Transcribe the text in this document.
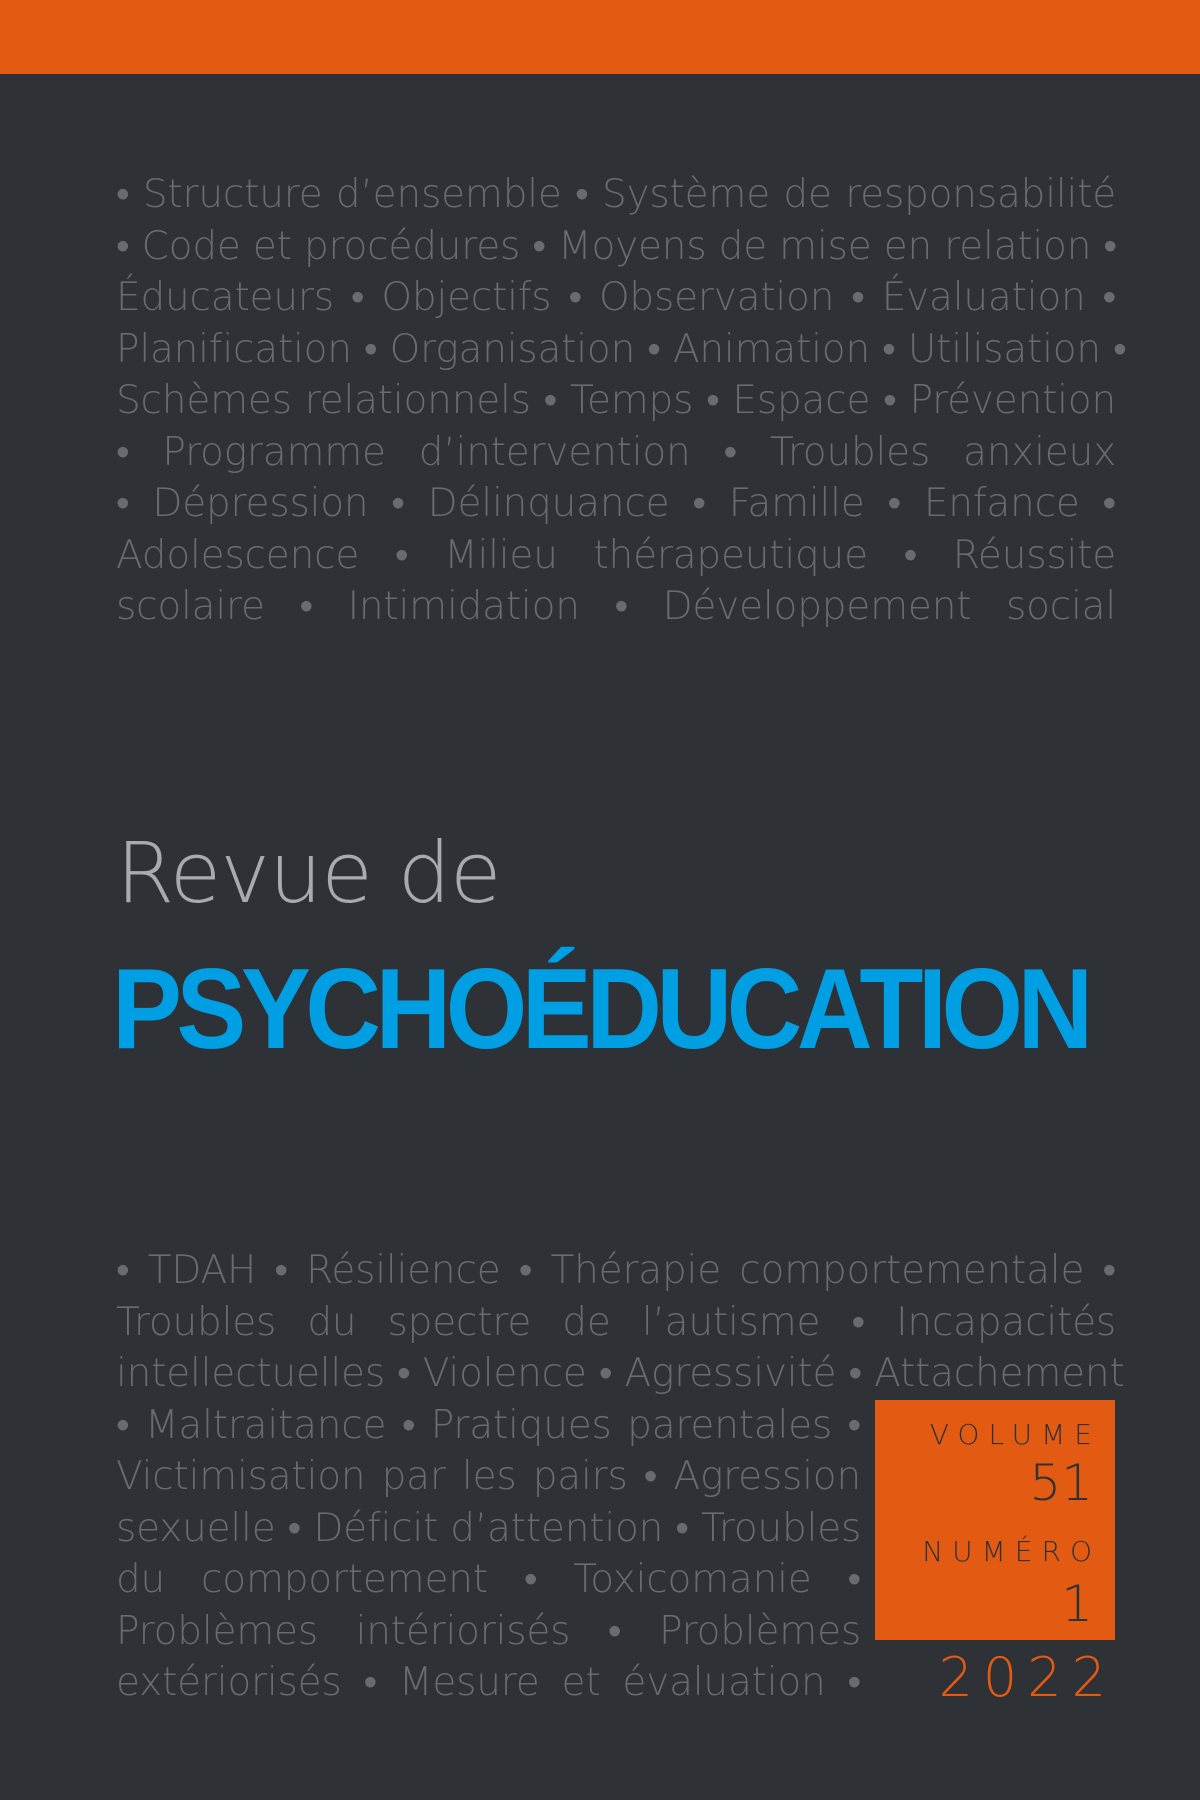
• Structure d’ensemble • Système de responsabilité
• Code et procédures • Moyens de mise en relation •
Éducateurs • Objectifs • Observation • Évaluation •
Planification • Organisation • Animation • Utilisation •
Schèmes relationnels • Temps • Espace • Prévention
• Programme d’intervention • Troubles anxieux
• Dépression • Délinquance • Famille • Enfance •
Adolescence • Milieu thérapeutique • Réussite
scolaire • Intimidation • Développement social
Revue de
PSYCHOÉDUCATION
• TDAH • Résilience • Thérapie comportementale •
Troubles du spectre de l’autisme • Incapacités
intellectuelles • Violence • Agressivité • Attachement
• Maltraitance • Pratiques parentales •
Victimisation par les pairs • Agression
sexuelle • Déficit d’attention • Troubles
du comportement • Toxicomanie •
Problèmes intériorisés • Problèmes
extériorisés • Mesure et évaluation •
VOLUME
51
NUMÉRO
1
2022
